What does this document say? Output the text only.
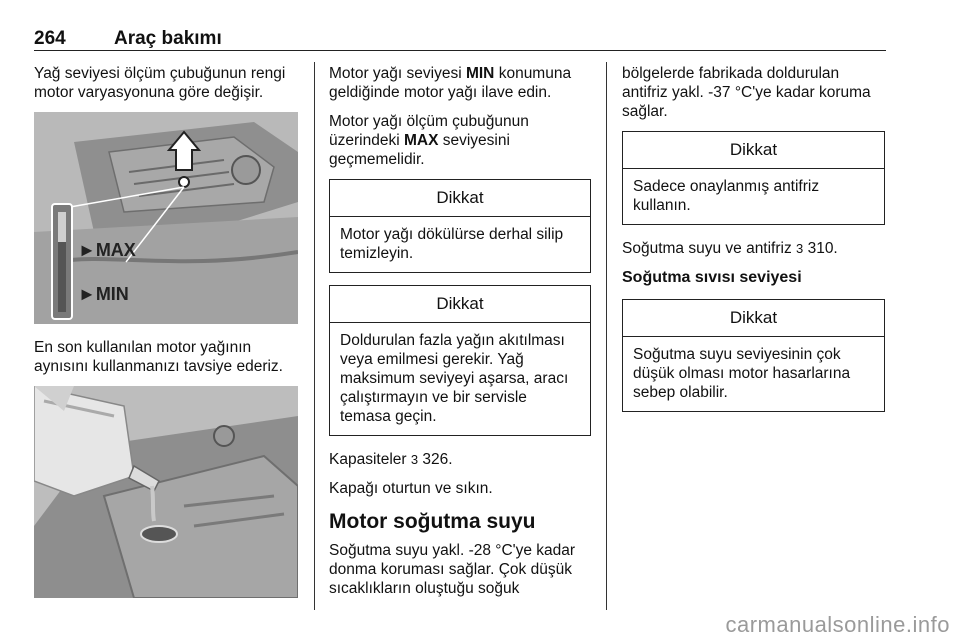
264	Araç bakımı

Yağ seviyesi ölçüm çubuğunun rengi motor varyasyonuna göre değişir.

►MAX
►MIN

En son kullanılan motor yağının aynısını kullanmanızı tavsiye ederiz.

Motor yağı seviyesi MIN konumuna geldiğinde motor yağı ilave edin.

Motor yağı ölçüm çubuğunun üzerindeki MAX seviyesini geçmemelidir.

Dikkat
Motor yağı dökülürse derhal silip temizleyin.
Dikkat
Doldurulan fazla yağın akıtılması veya emilmesi gerekir. Yağ maksimum seviyeyi aşarsa, aracı çalıştırmayın ve bir servisle temasa geçin.

Kapasiteler 3 326.

Kapağı oturtun ve sıkın.

Motor soğutma suyu

Soğutma suyu yakl. -28 °C'ye kadar donma koruması sağlar. Çok düşük sıcaklıkların oluştuğu soğuk

bölgelerde fabrikada doldurulan antifriz yakl. -37 °C'ye kadar koruma sağlar.

Dikkat
Sadece onaylanmış antifriz kullanın.

Soğutma suyu ve antifriz 3 310.

Soğutma sıvısı seviyesi
Dikkat
Soğutma suyu seviyesinin çok düşük olması motor hasarlarına sebep olabilir.
carmanualsonline.info
